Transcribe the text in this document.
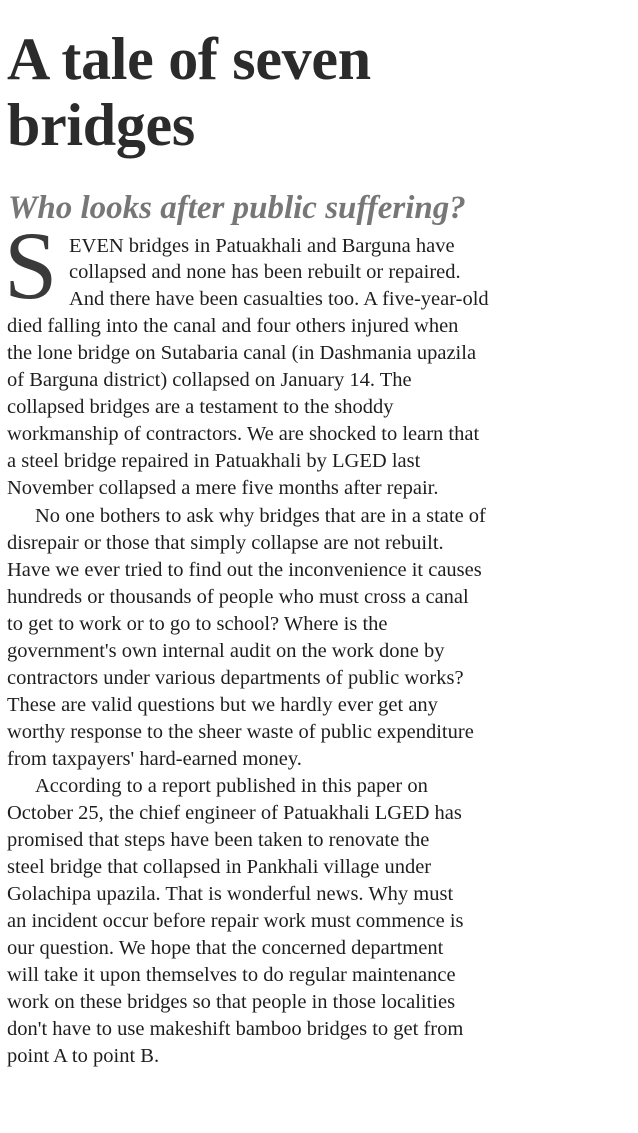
A tale of seven
bridges
Who looks after public suffering?
S EVEN bridges in Patuakhali and Barguna have
collapsed and none has been rebuilt or repaired.
And there have been casualties too. A five-year-old
died falling into the canal and four others injured when
the lone bridge on Sutabaria canal (in Dashmania upazila
of Barguna district) collapsed on January 14. The
collapsed bridges are a testament to the shoddy
workmanship of contractors. We are shocked to learn that
a steel bridge repaired in Patuakhali by LGED last
November collapsed a mere five months after repair.
No one bothers to ask why bridges that are in a state of
disrepair or those that simply collapse are not rebuilt.
Have we ever tried to find out the inconvenience it causes
hundreds or thousands of people who must cross a canal
to get to work or to go to school? Where is the
government's own internal audit on the work done by
contractors under various departments of public works?
These are valid questions but we hardly ever get any
worthy response to the sheer waste of public expenditure
from taxpayers' hard-earned money.
According to a report published in this paper on
October 25, the chief engineer of Patuakhali LGED has
promised that steps have been taken to renovate the
steel bridge that collapsed in Pankhali village under
Golachipa upazila. That is wonderful news. Why must
an incident occur before repair work must commence is
our question. We hope that the concerned department
will take it upon themselves to do regular maintenance
work on these bridges so that people in those localities
don't have to use makeshift bamboo bridges to get from
point A to point B.
